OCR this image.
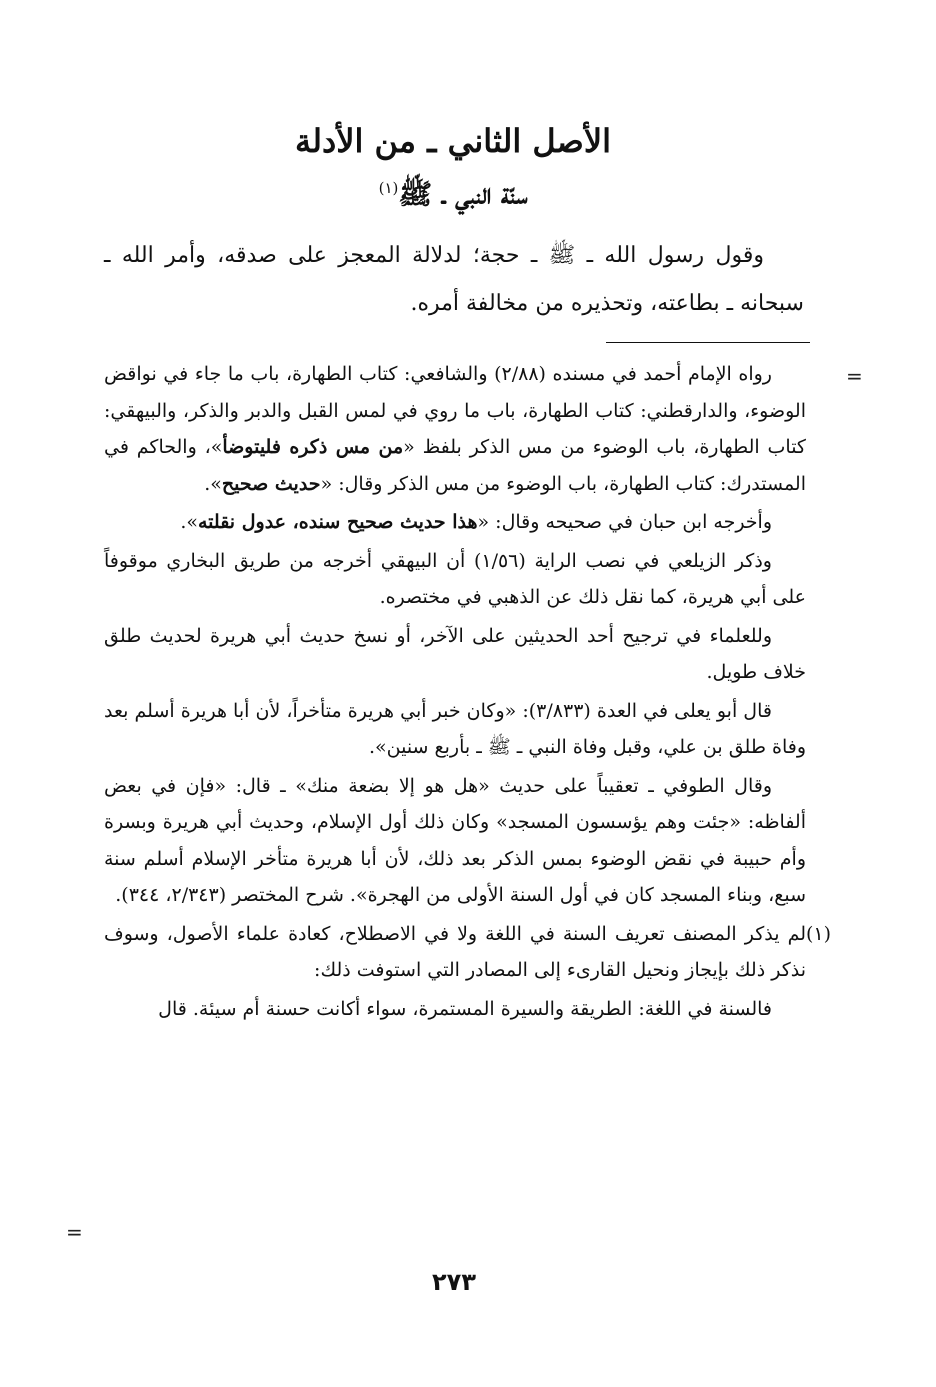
الأصل الثاني ـ من الأدلة
سنّة النبي ـ ﷺ$^{(١)}$
وقول رسول الله ـ ﷺ ـ حجة؛ لدلالة المعجز على صدقه، وأمر الله ـ سبحانه ـ بطاعته، وتحذيره من مخالفة أمره.
=

رواه الإمام أحمد في مسنده (٢/٨٨) والشافعي: كتاب الطهارة، باب ما جاء في نواقض الوضوء، والدارقطني: كتاب الطهارة، باب ما روي في لمس القبل والدبر والذكر، والبيهقي: كتاب الطهارة، باب الوضوء من مس الذكر بلفظ «من مس ذكره فليتوضأ»، والحاكم في المستدرك: كتاب الطهارة، باب الوضوء من مس الذكر وقال: «حديث صحيح».

وأخرجه ابن حبان في صحيحه وقال: «هذا حديث صحيح سنده، عدول نقلته».

وذكر الزيلعي في نصب الراية (١/٥٦) أن البيهقي أخرجه من طريق البخاري موقوفاً على أبي هريرة، كما نقل ذلك عن الذهبي في مختصره.

وللعلماء في ترجيح أحد الحديثين على الآخر، أو نسخ حديث أبي هريرة لحديث طلق خلاف طويل.

قال أبو يعلى في العدة (٣/٨٣٣): «وكان خبر أبي هريرة متأخراً، لأن أبا هريرة أسلم بعد وفاة طلق بن علي، وقبل وفاة النبي ـ ﷺ ـ بأربع سنين».

وقال الطوفي ـ تعقيباً على حديث «هل هو إلا بضعة منك» ـ قال: «فإن في بعض ألفاظه: «جئت وهم يؤسسون المسجد» وكان ذلك أول الإسلام، وحديث أبي هريرة وبسرة وأم حبيبة في نقض الوضوء بمس الذكر بعد ذلك، لأن أبا هريرة متأخر الإسلام أسلم سنة سبع، وبناء المسجد كان في أول السنة الأولى من الهجرة». شرح المختصر (٢/٣٤٣، ٣٤٤).

(١)
لم يذكر المصنف تعريف السنة في اللغة ولا في الاصطلاح، كعادة علماء الأصول، وسوف نذكر ذلك بإيجاز ونحيل القارىء إلى المصادر التي استوفت ذلك:

فالسنة في اللغة: الطريقة والسيرة المستمرة، سواء أكانت حسنة أم سيئة. قال

=
٢٧٣
